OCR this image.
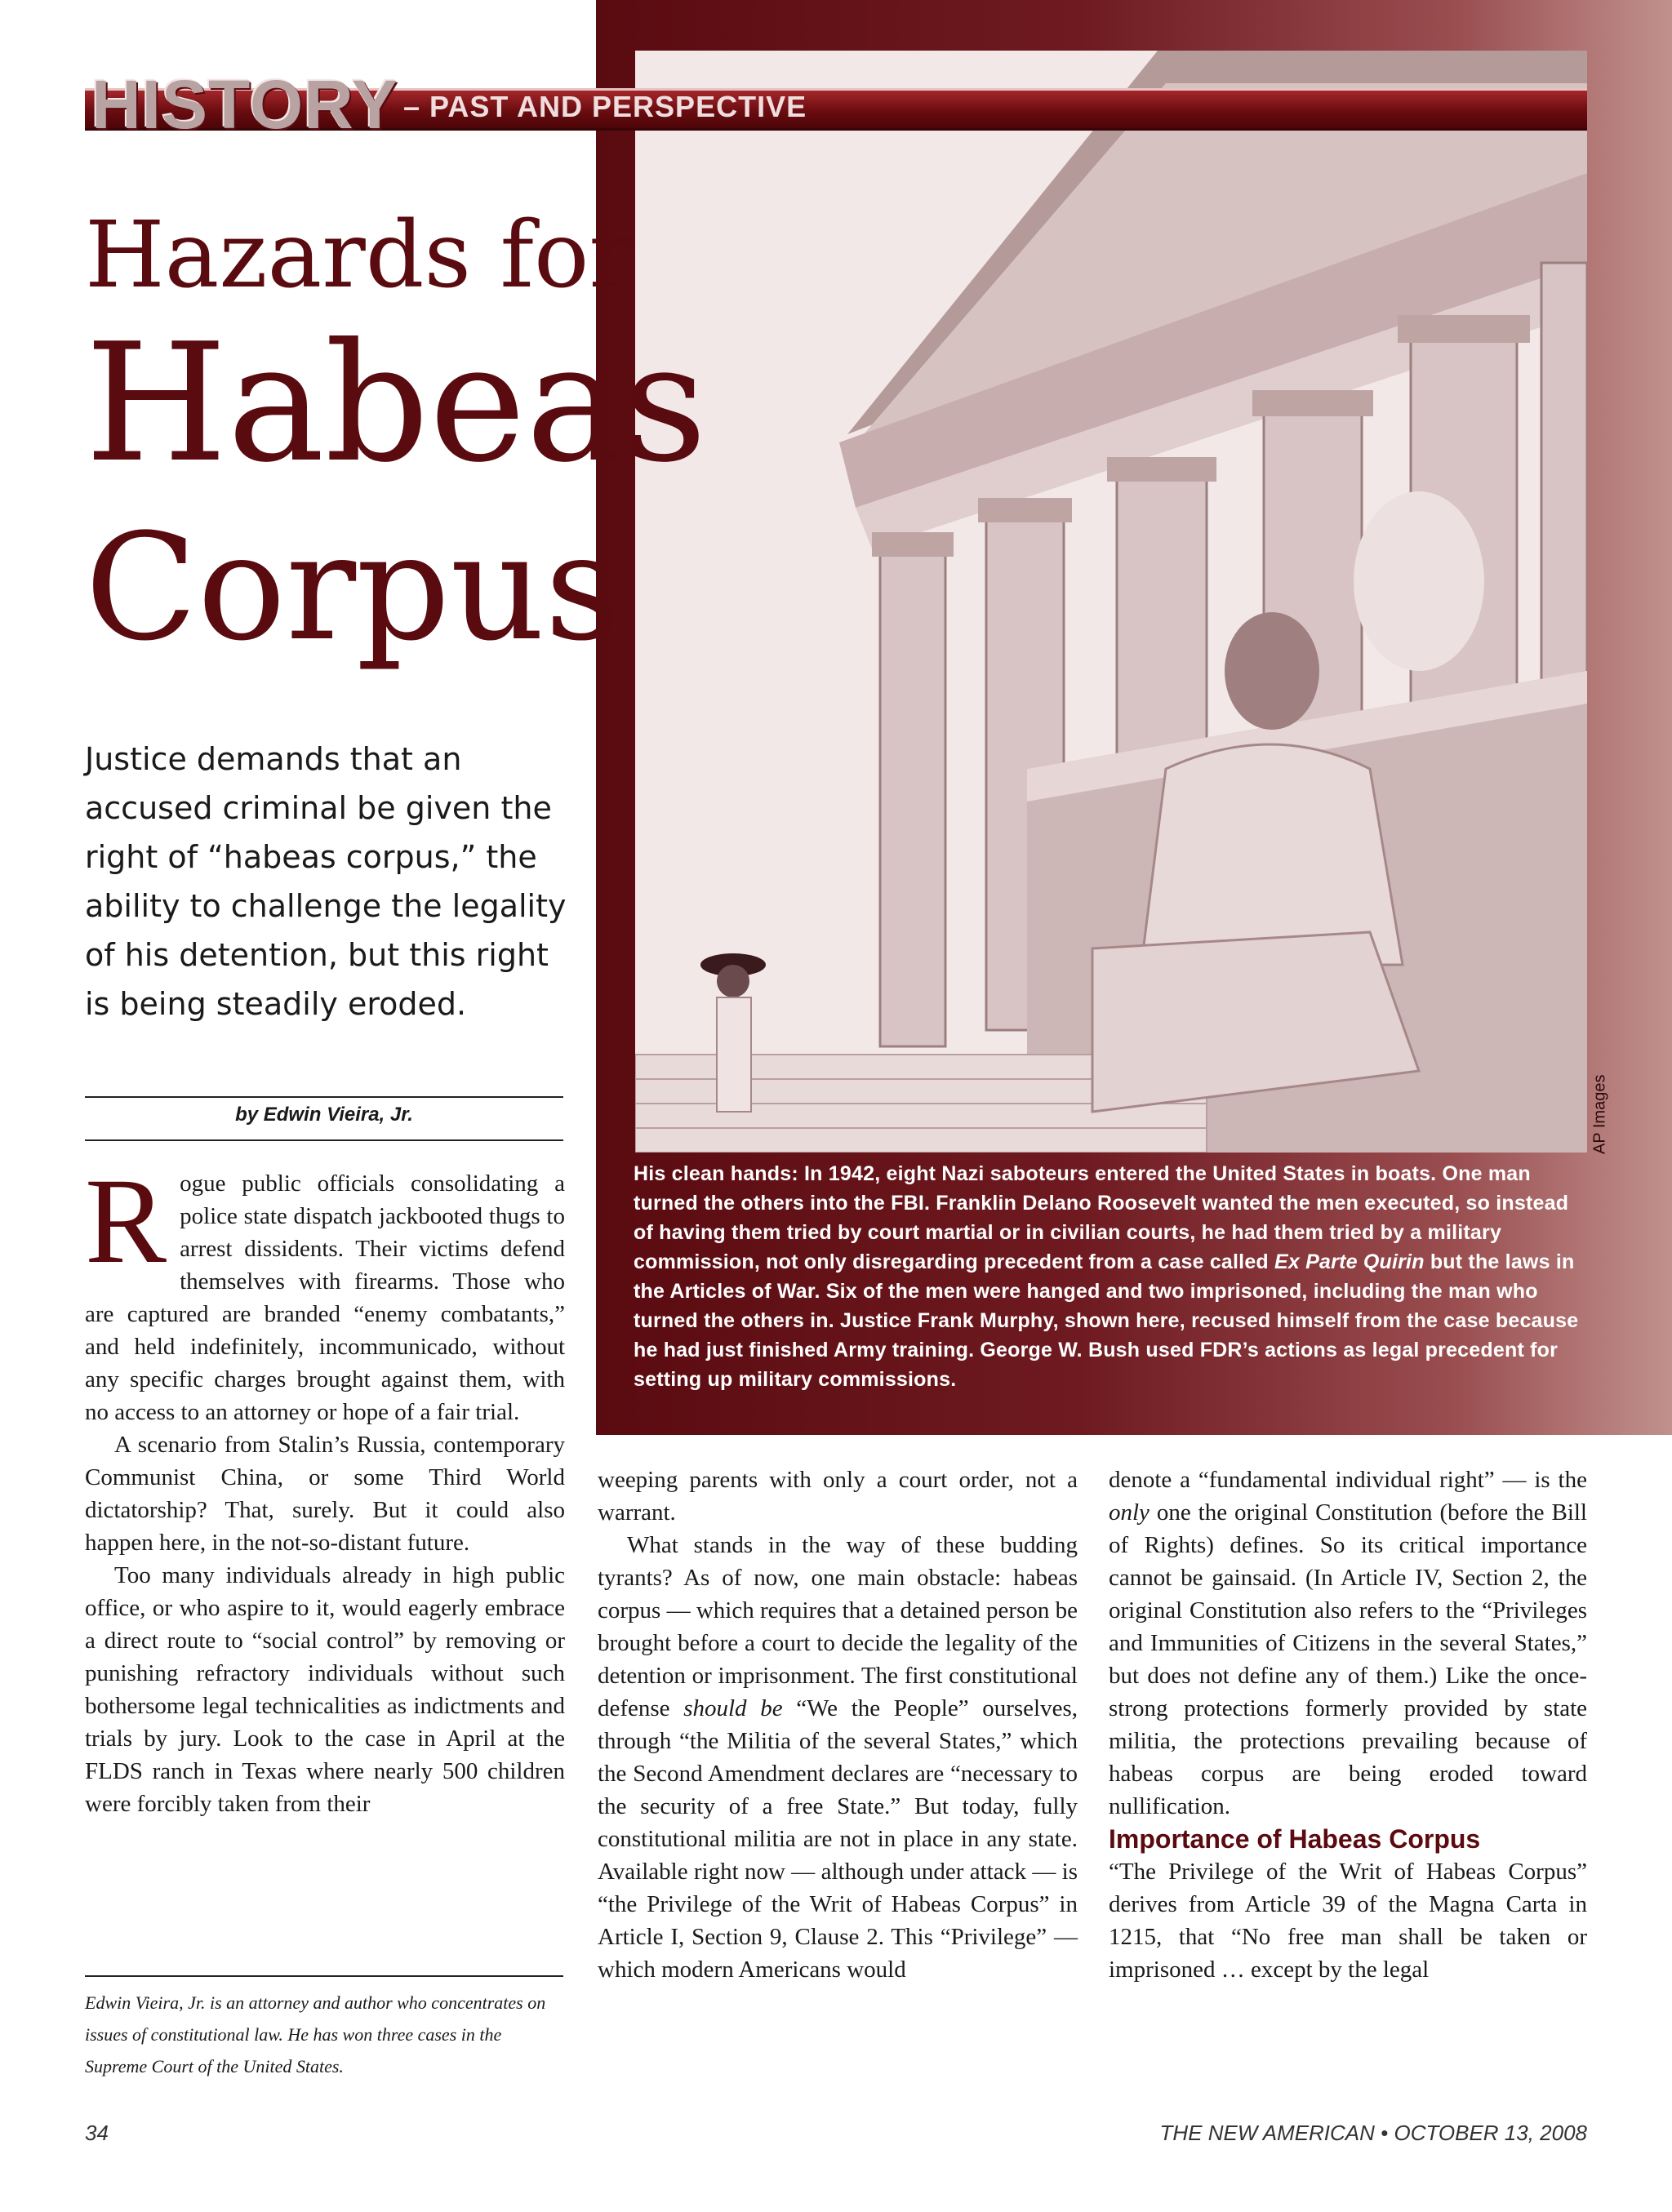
AP Images
HISTORY – PAST AND PERSPECTIVE
Hazards for
Habeas
Corpus
Justice demands that an accused criminal be given the right of “habeas corpus,” the ability to challenge the legality of his detention, but this right is being steadily eroded.
by Edwin Vieira, Jr.
His clean hands: In 1942, eight Nazi saboteurs entered the United States in boats. One man turned the others into the FBI. Franklin Delano Roosevelt wanted the men executed, so instead of having them tried by court martial or in civilian courts, he had them tried by a military commission, not only disregarding precedent from a case called Ex Parte Quirin but the laws in the Articles of War. Six of the men were hanged and two imprisoned, including the man who turned the others in. Justice Frank Murphy, shown here, recused himself from the case because he had just finished Army training. George W. Bush used FDR’s actions as legal precedent for setting up military commissions.

Rogue public officials consolidating a police state dispatch jackbooted thugs to arrest dissidents. Their victims defend themselves with firearms. Those who are captured are branded “enemy combatants,” and held indefinitely, incommunicado, without any specific charges brought against them, with no access to an attorney or hope of a fair trial.

A scenario from Stalin’s Russia, contemporary Communist China, or some Third World dictatorship? That, surely. But it could also happen here, in the not-so-distant future.

Too many individuals already in high public office, or who aspire to it, would eagerly embrace a direct route to “social control” by removing or punishing refractory individuals without such bothersome legal technicalities as indictments and trials by jury. Look to the case in April at the FLDS ranch in Texas where nearly 500 children were forcibly taken from their

Edwin Vieira, Jr. is an attorney and author who concentrates on issues of constitutional law. He has won three cases in the Supreme Court of the United States.

weeping parents with only a court order, not a warrant.

What stands in the way of these budding tyrants? As of now, one main obstacle: habeas corpus — which requires that a detained person be brought before a court to decide the legality of the detention or imprisonment. The first constitutional defense should be “We the People” ourselves, through “the Militia of the several States,” which the Second Amendment declares are “necessary to the security of a free State.” But today, fully constitutional militia are not in place in any state. Available right now — although under attack — is “the Privilege of the Writ of Habeas Corpus” in Article I, Section 9, Clause 2. This “Privilege” — which modern Americans would

denote a “fundamental individual right” — is the only one the original Constitution (before the Bill of Rights) defines. So its critical importance cannot be gainsaid. (In Article IV, Section 2, the original Constitution also refers to the “Privileges and Immunities of Citizens in the several States,” but does not define any of them.) Like the once-strong protections formerly provided by state militia, the protections prevailing because of habeas corpus are being eroded toward nullification.

Importance of Habeas Corpus

“The Privilege of the Writ of Habeas Corpus” derives from Article 39 of the Magna Carta in 1215, that “No free man shall be taken or imprisoned … except by the legal

34	THE NEW AMERICAN • OCTOBER 13, 2008
